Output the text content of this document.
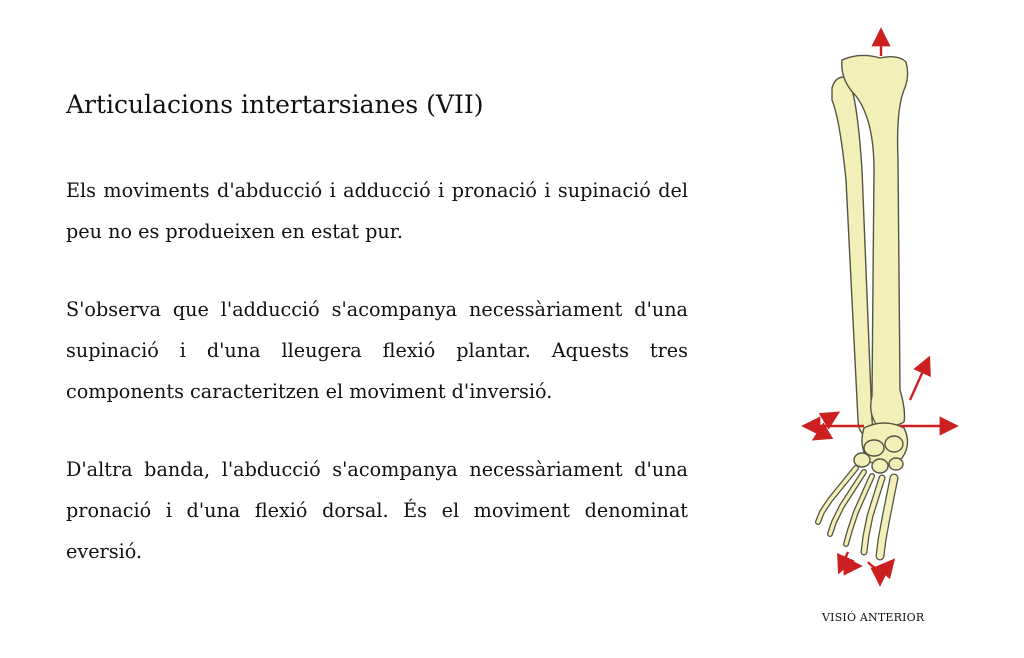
Articulacions intertarsianes (VII)

Els moviments d'abducció i adducció i pronació i supinació del peu no es produeixen en estat pur.

S'observa que l'adducció s'acompanya necessàriament d'una supinació i d'una lleugera flexió plantar. Aquests tres components caracteritzen el moviment d'inversió.

D'altra banda, l'abducció s'acompanya necessàriament d'una pronació i d'una flexió dorsal. És el moviment denominat eversió.

VISIÓ ANTERIOR
